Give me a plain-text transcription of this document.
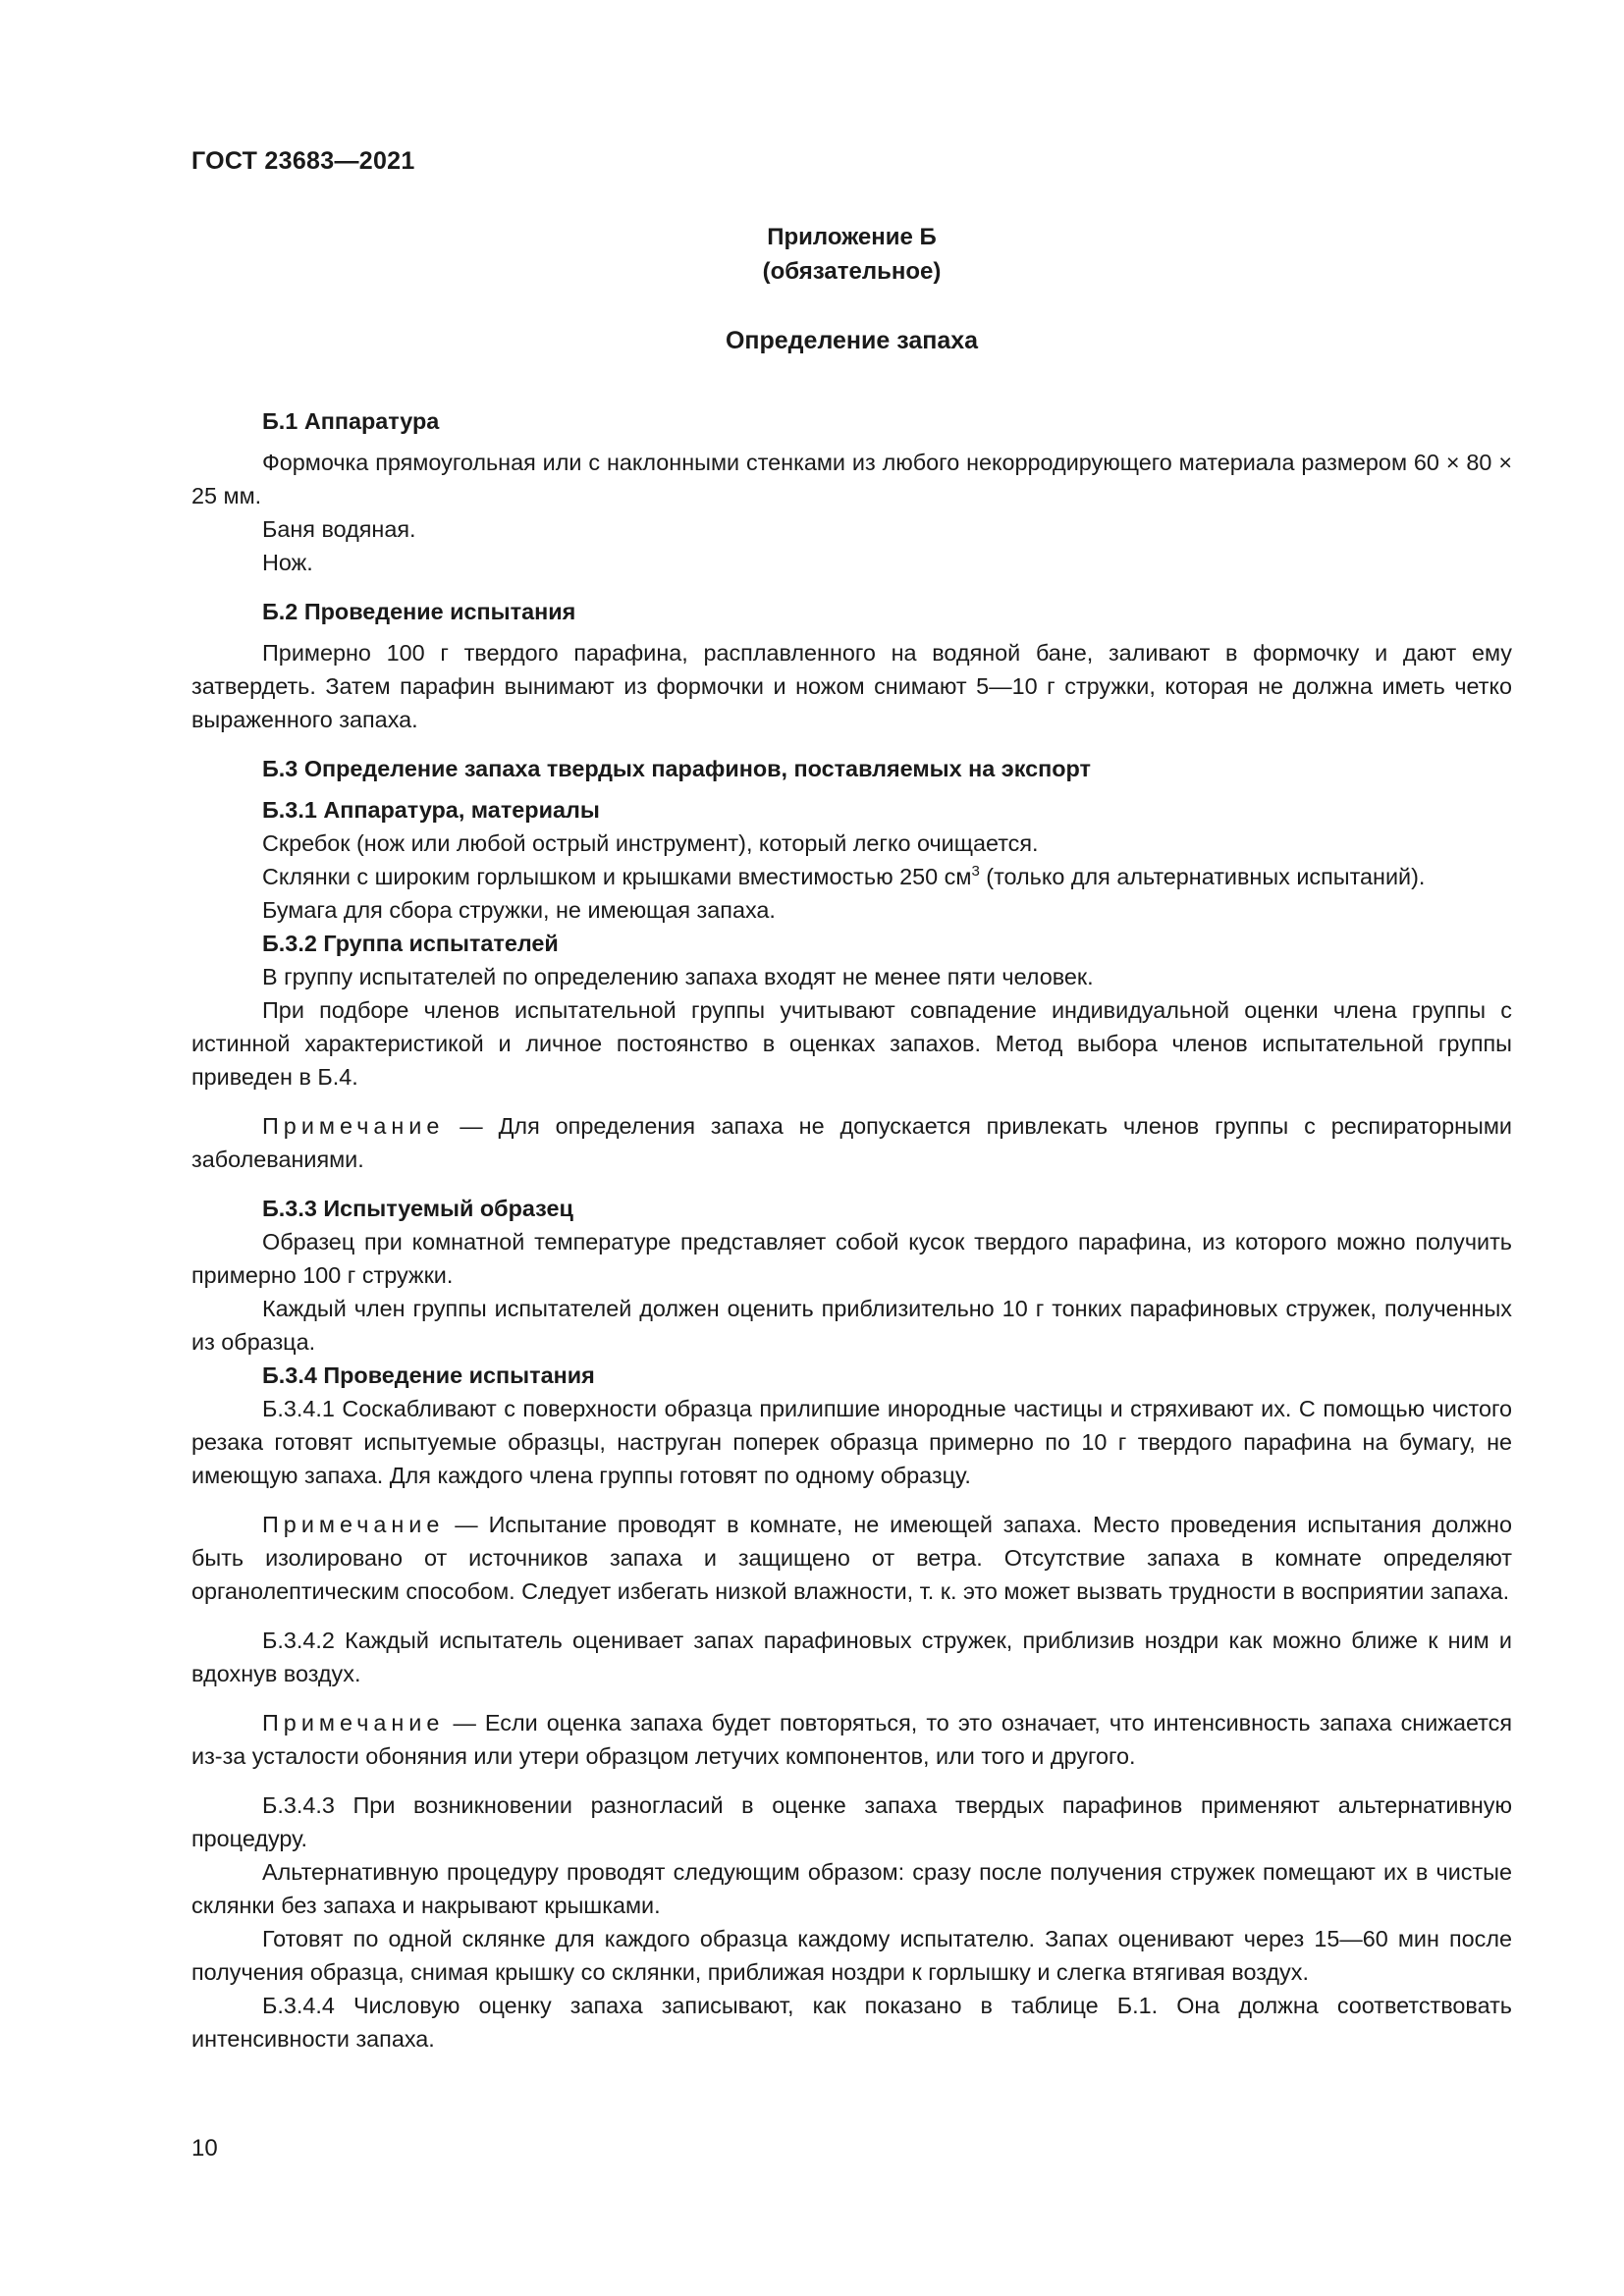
ГОСТ 23683—2021
Приложение Б
(обязательное)
Определение запаха

Б.1 Аппаратура

Формочка прямоугольная или с наклонными стенками из любого некорродирующего материала размером 60 × 80 × 25 мм.

Баня водяная.

Нож.

Б.2 Проведение испытания

Примерно 100 г твердого парафина, расплавленного на водяной бане, заливают в формочку и дают ему затвердеть. Затем парафин вынимают из формочки и ножом снимают 5—10 г стружки, которая не должна иметь четко выраженного запаха.

Б.3 Определение запаха твердых парафинов, поставляемых на экспорт

Б.3.1 Аппаратура, материалы

Скребок (нож или любой острый инструмент), который легко очищается.

Склянки с широким горлышком и крышками вместимостью 250 $см^3$ (только для альтернативных испытаний).

Бумага для сбора стружки, не имеющая запаха.

Б.3.2 Группа испытателей

В группу испытателей по определению запаха входят не менее пяти человек.

При подборе членов испытательной группы учитывают совпадение индивидуальной оценки члена группы с истинной характеристикой и личное постоянство в оценках запахов. Метод выбора членов испытательной группы приведен в Б.4.

Примечание — Для определения запаха не допускается привлекать членов группы с респираторными заболеваниями.

Б.3.3 Испытуемый образец

Образец при комнатной температуре представляет собой кусок твердого парафина, из которого можно получить примерно 100 г стружки.

Каждый член группы испытателей должен оценить приблизительно 10 г тонких парафиновых стружек, полученных из образца.

Б.3.4 Проведение испытания

Б.3.4.1 Соскабливают с поверхности образца прилипшие инородные частицы и стряхивают их. С помощью чистого резака готовят испытуемые образцы, наструган поперек образца примерно по 10 г твердого парафина на бумагу, не имеющую запаха. Для каждого члена группы готовят по одному образцу.

Примечание — Испытание проводят в комнате, не имеющей запаха. Место проведения испытания должно быть изолировано от источников запаха и защищено от ветра. Отсутствие запаха в комнате определяют органолептическим способом. Следует избегать низкой влажности, т. к. это может вызвать трудности в восприятии запаха.

Б.3.4.2 Каждый испытатель оценивает запах парафиновых стружек, приблизив ноздри как можно ближе к ним и вдохнув воздух.

Примечание — Если оценка запаха будет повторяться, то это означает, что интенсивность запаха снижается из-за усталости обоняния или утери образцом летучих компонентов, или того и другого.

Б.3.4.3 При возникновении разногласий в оценке запаха твердых парафинов применяют альтернативную процедуру.

Альтернативную процедуру проводят следующим образом: сразу после получения стружек помещают их в чистые склянки без запаха и накрывают крышками.

Готовят по одной склянке для каждого образца каждому испытателю. Запах оценивают через 15—60 мин после получения образца, снимая крышку со склянки, приближая ноздри к горлышку и слегка втягивая воздух.

Б.3.4.4 Числовую оценку запаха записывают, как показано в таблице Б.1. Она должна соответствовать интенсивности запаха.

10
